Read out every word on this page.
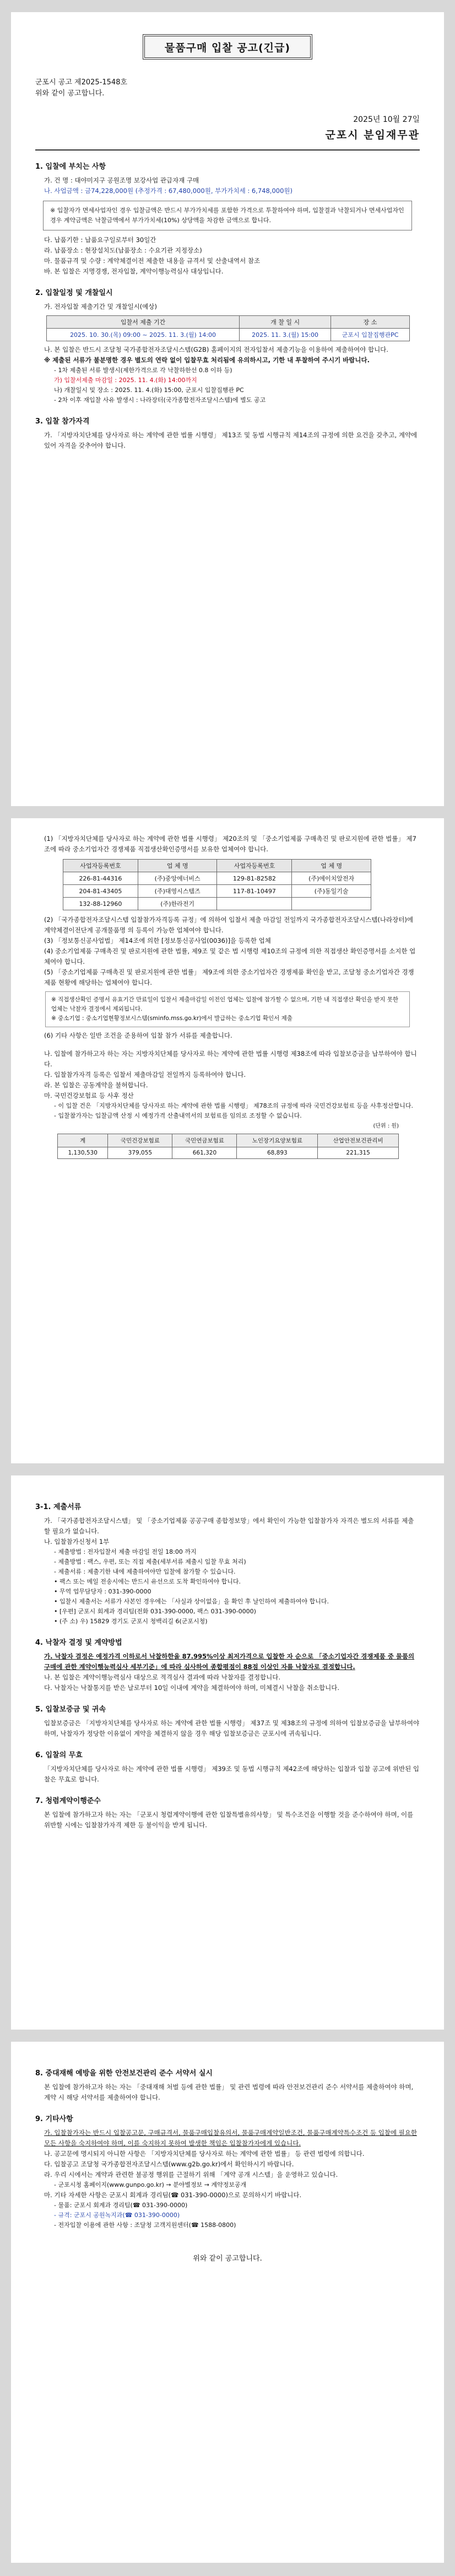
물품구매 입찰 공고(긴급)
군포시 공고 제2025-1548호
위와 같이 공고합니다.
2025년 10월 27일
군포시 분임재무관
1. 입찰에 부치는 사항
가. 건 명 : 대야미지구 공원조명 보강사업 관급자재 구매
나. 사업금액 : 금74,228,000원 (추정가격 : 67,480,000원, 부가가치세 : 6,748,000원)
※ 입찰자가 면세사업자인 경우 입찰금액은 반드시 부가가치세를 포함한 가격으로 투찰하여야 하며, 입찰결과 낙찰되거나 면세사업자인 경우 계약금액은 낙찰금액에서 부가가치세(10%) 상당액을 차감한 금액으로 합니다.
다. 납품기한 : 납품요구일로부터 30일간
라. 납품장소 : 현장설치도(납품장소 : 수요기관 지정장소)
마. 물품규격 및 수량 : 계약체결이전 제출한 내용을 규격서 및 산출내역서 참조
바. 본 입찰은 지명경쟁, 전자입찰, 계약이행능력심사 대상입니다.
2. 입찰일정 및 개찰일시
가. 전자입찰 제출기간 및 개찰일시(예상)
입찰서 제출 기간	개 찰 일 시	장 소
2025. 10. 30.(목) 09:00 ~ 2025. 11. 3.(월) 14:00	2025. 11. 3.(월) 15:00	군포시 입찰집행관PC
나. 본 입찰은 반드시 조달청 국가종합전자조달시스템(G2B) 홈페이지의 전자입찰서 제출기능을 이용하여 제출하여야 합니다.
※ 제출된 서류가 불분명한 경우 별도의 연락 없이 입찰무효 처리됨에 유의하시고, 기한 내 투찰하여 주시기 바랍니다.
- 1차 제출된 서류 발생시(제한가격으로 각 낙찰하한선 0.8 이하 등)
가) 입찰서제출 마감일 : 2025. 11. 4.(화) 14:00까지
나) 개찰일시 및 장소 : 2025. 11. 4.(화) 15:00, 군포시 입찰집행관 PC
- 2차 이후 재입찰 사유 발생시 : 나라장터(국가종합전자조달시스템)에 별도 공고
3. 입찰 참가자격
가. 「지방자치단체를 당사자로 하는 계약에 관한 법률 시행령」 제13조 및 동법 시행규칙 제14조의 규정에 의한 요건을 갖추고, 계약에 있어 자격을 갖추어야 합니다.
(1) 「지방자치단체를 당사자로 하는 계약에 관한 법률 시행령」 제20조의 및 「중소기업제품 구매촉진 및 판로지원에 관한 법률」 제7조에 따라 중소기업자간 경쟁제품 직접생산확인증명서를 보유한 업체여야 합니다.
사업자등록번호	업 체 명	사업자등록번호	업 체 명
226-81-44316	(주)중앙에너비스	129-81-82582	(주)에이치알전자
204-81-43405	(주)대영시스템즈	117-81-10497	(주)동일기술
132-88-12960	(주)한라전기		
(2) 「국가종합전자조달시스템 입찰참가자격등록 규정」에 의하여 입찰서 제출 마감일 전일까지 국가종합전자조달시스템(나라장터)에 계약체결이전단계 공개물품명 의 등록이 가능한 업체여야 합니다.
(3) 「정보통신공사업법」 제14조에 의한 [정보통신공사업(0036)]을 등록한 업체
(4) 중소기업제품 구매촉진 및 판로지원에 관한 법률, 제9조 및 같은 법 시행령 제10조의 규정에 의한 직접생산 확인증명서를 소지한 업체여야 합니다.
(5) 「중소기업제품 구매촉진 및 판로지원에 관한 법률」 제9조에 의한 중소기업자간 경쟁제품 확인을 받고, 조달청 중소기업자간 경쟁제품 현황에 해당하는 업체여야 합니다.
※ 직접생산확인 증명서 유효기간 만료일이 입찰서 제출마감일 이전인 업체는 입찰에 참가할 수 없으며, 기한 내 직접생산 확인을 받지 못한 업체는 낙찰자 결정에서 제외됩니다.
※ 중소기업 : 중소기업현황정보시스템(sminfo.mss.go.kr)에서 발급하는 중소기업 확인서 제출
(6) 기타 사항은 일반 조건을 준용하여 입찰 참가 서류를 제출합니다.
나. 입찰에 참가하고자 하는 자는 지방자치단체를 당사자로 하는 계약에 관한 법률 시행령 제38조에 따라 입찰보증금을 납부하여야 합니다.
다. 입찰참가자격 등록은 입찰서 제출마감일 전일까지 등록하여야 합니다.
라. 본 입찰은 공동계약을 불허합니다.
마. 국민건강보험료 등 사후 정산
- 이 입찰 건은 「지방자치단체를 당사자로 하는 계약에 관한 법률 시행령」 제78조의 규정에 따라 국민건강보험료 등을 사후정산합니다.
- 입찰참가자는 입찰금액 산정 시 예정가격 산출내역서의 보험료를 임의로 조정할 수 없습니다.
(단위 : 원)
계	국민건강보험료	국민연금보험료	노인장기요양보험료	산업안전보건관리비
1,130,530	379,055	661,320	68,893	221,315
3-1. 제출서류
가. 「국가종합전자조달시스템」 및 「중소기업제품 공공구매 종합정보망」에서 확인이 가능한 입찰참가자 자격은 별도의 서류를 제출할 필요가 없습니다.
나. 입찰참가신청서 1부
- 제출방법 : 전자입찰서 제출 마감일 전일 18:00 까지
- 제출방법 : 팩스, 우편, 또는 직접 제출(세부서류 제출시 입찰 무효 처리)
- 제출서류 : 제출기한 내에 제출하여야만 입찰에 참가할 수 있습니다.
• 팩스 또는 메일 전송시에는 반드시 유선으로 도착 확인하여야 합니다.
• 무역 업무담당자 : 031-390-0000
• 입찰시 제출서는 서류가 사본인 경우에는 「사실과 상이없음」을 확인 후 날인하여 제출하여야 합니다.
• [우편] 군포시 회계과 경리팀(전화 031-390-0000, 팩스 031-390-0000)
• (주 소) 우) 15829 경기도 군포시 청백리길 6(군포시청)
4. 낙찰자 결정 및 계약방법
가. 낙찰자 결정은 예정가격 이하로서 낙찰하한율 87.995%이상 최저가격으로 입찰한 자 순으로 「중소기업자간 경쟁제품 중 물품의 구매에 관한 계약이행능력심사 세부기준」에 따라 심사하여 종합평점이 88점 이상인 자를 낙찰자로 결정합니다.
나. 본 입찰은 계약이행능력심사 대상으로 적격심사 결과에 따라 낙찰자를 결정합니다.
다. 낙찰자는 낙찰통지를 받은 날로부터 10일 이내에 계약을 체결하여야 하며, 미체결시 낙찰을 취소합니다.
5. 입찰보증금 및 귀속
입찰보증금은 「지방자치단체를 당사자로 하는 계약에 관한 법률 시행령」 제37조 및 제38조의 규정에 의하여 입찰보증금을 납부하여야 하며, 낙찰자가 정당한 이유없이 계약을 체결하지 않을 경우 해당 입찰보증금은 군포시에 귀속됩니다.
6. 입찰의 무효
「지방자치단체를 당사자로 하는 계약에 관한 법률 시행령」 제39조 및 동법 시행규칙 제42조에 해당하는 입찰과 입찰 공고에 위반된 입찰은 무효로 합니다.
7. 청렴계약이행준수
본 입찰에 참가하고자 하는 자는 「군포시 청렴계약이행에 관한 입찰특별유의사항」 및 특수조건을 이행할 것을 준수하여야 하며, 이를 위반할 시에는 입찰참가자격 제한 등 불이익을 받게 됩니다.
8. 중대재해 예방을 위한 안전보건관리 준수 서약서 실시
본 입찰에 참가하고자 하는 자는 「중대재해 처벌 등에 관한 법률」 및 관련 법령에 따라 안전보건관리 준수 서약서를 제출하여야 하며, 계약 시 해당 서약서를 제출하여야 합니다.
9. 기타사항
가. 입찰참가자는 반드시 입찰공고문, 구매규격서, 물품구매입찰유의서, 물품구매계약일반조건, 물품구매계약특수조건 등 입찰에 필요한 모든 사항을 숙지하여야 하며, 이를 숙지하지 못하여 발생한 책임은 입찰참가자에게 있습니다.
나. 공고문에 명시되지 아니한 사항은 「지방자치단체를 당사자로 하는 계약에 관한 법률」 등 관련 법령에 의합니다.
다. 입찰공고 조달청 국가종합전자조달시스템(www.g2b.go.kr)에서 확인하시기 바랍니다.
라. 우리 시에서는 계약과 관련한 불공정 행위를 근절하기 위해 「계약 공개 시스템」을 운영하고 있습니다.
- 군포시청 홈페이지(www.gunpo.go.kr) → 분야별정보 → 계약정보공개
마. 기타 자세한 사항은 군포시 회계과 경리팀(☎ 031-390-0000)으로 문의하시기 바랍니다.
- 물품: 군포시 회계과 경리팀(☎ 031-390-0000)
- 규격: 군포시 공원녹지과(☎ 031-390-0000)
- 전자입찰 이용에 관한 사항 : 조달청 고객지원센터(☎ 1588-0800)
위와 같이 공고합니다.
